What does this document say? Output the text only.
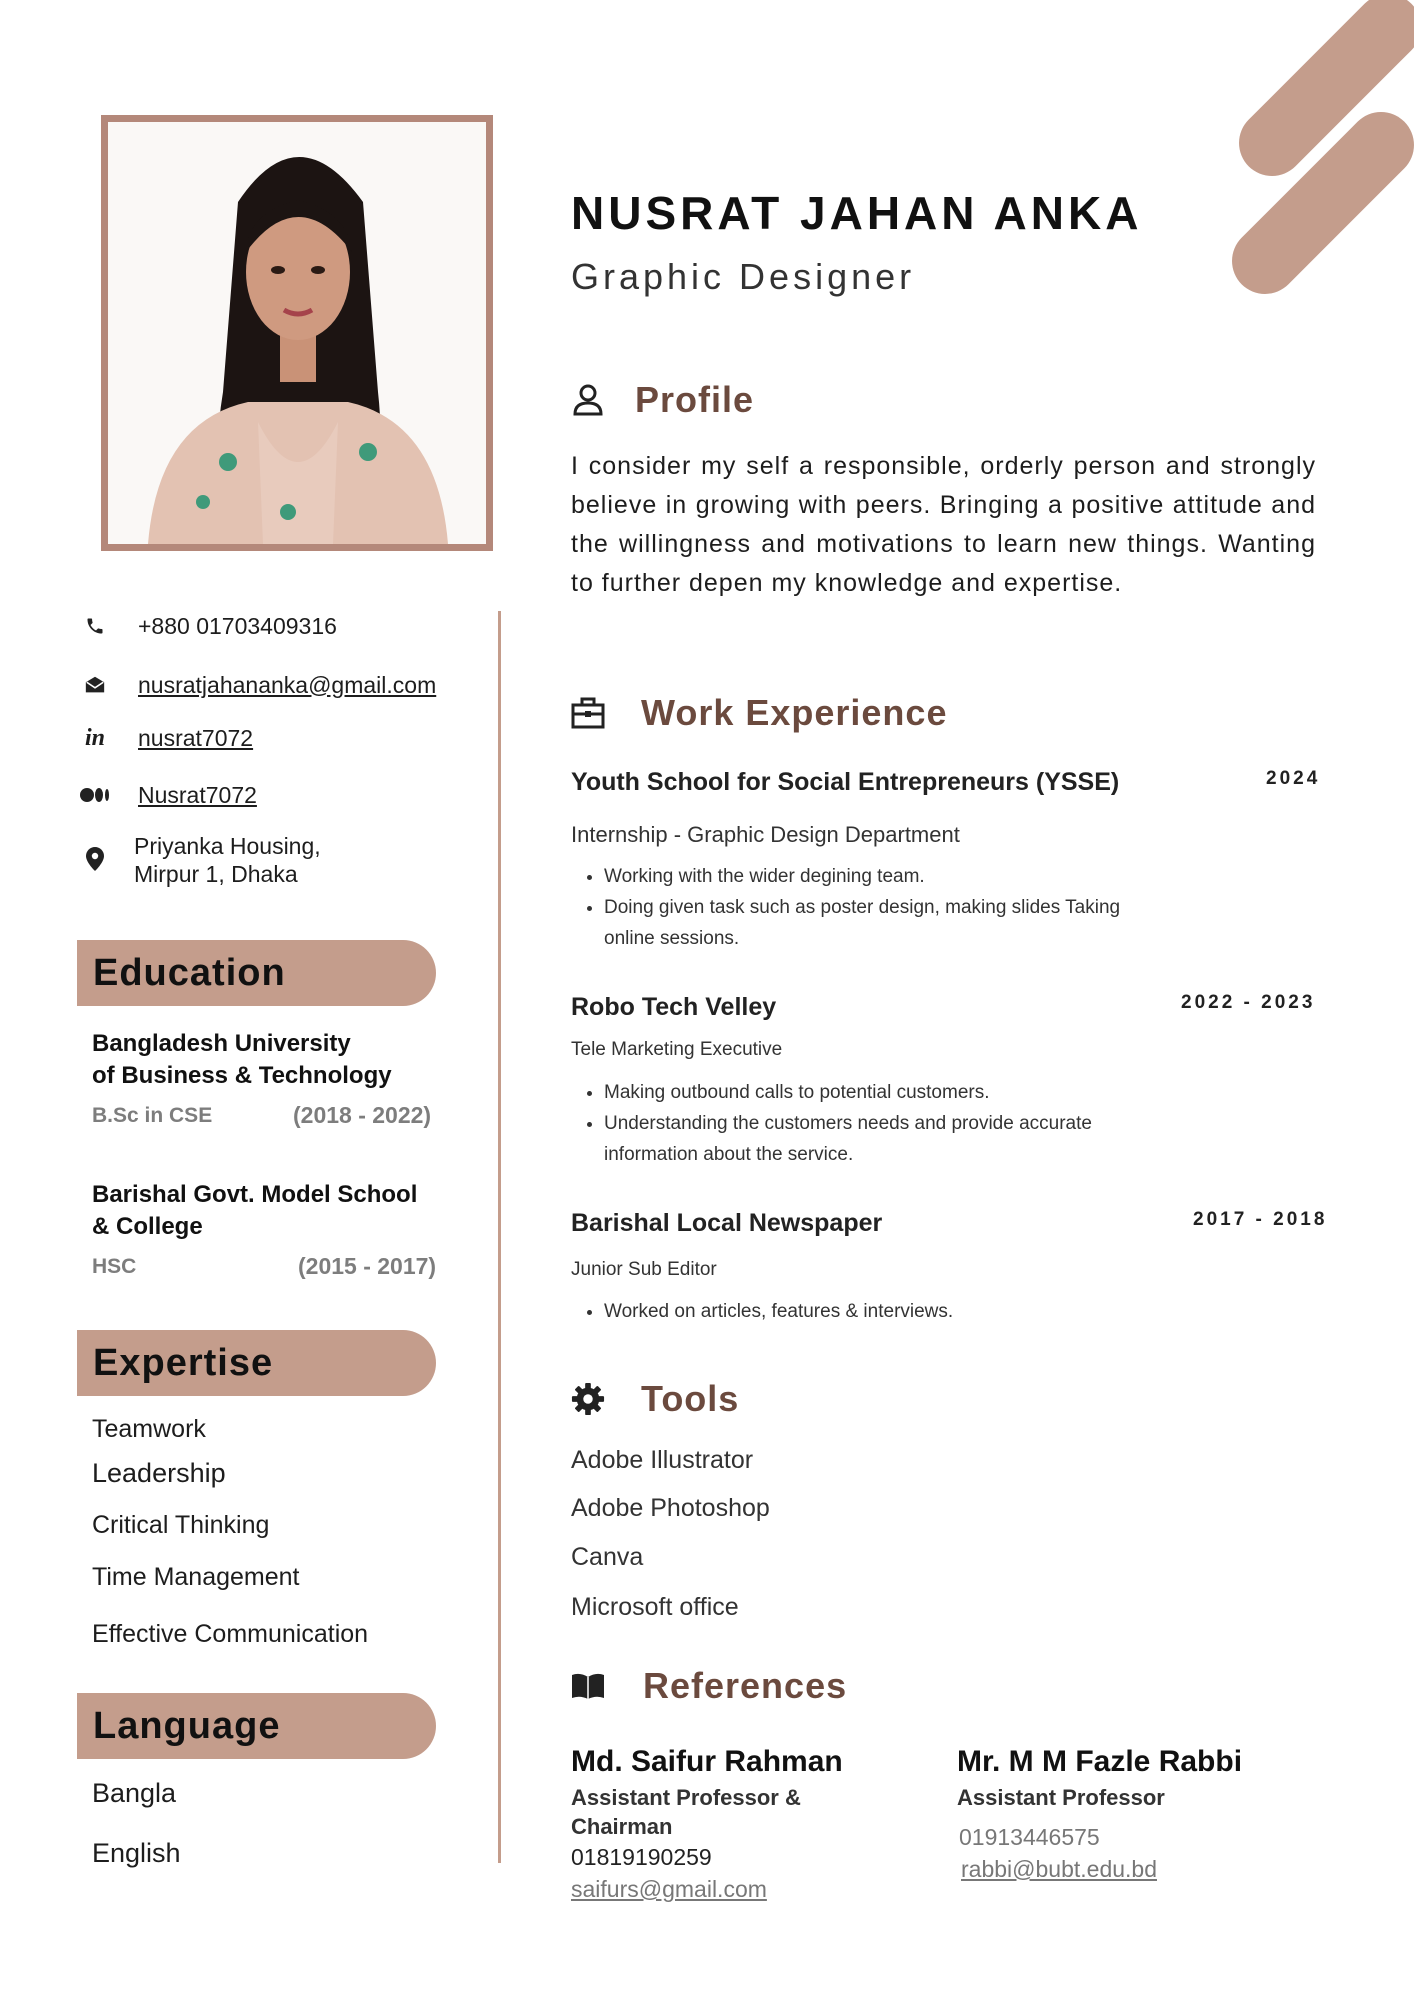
+880 01703409316
nusratjahananka@gmail.com
in nusrat7072
Nusrat7072
Priyanka Housing,
Mirpur 1, Dhaka
Education
Bangladesh University
of Business & Technology
B.Sc in CSE	(2018 - 2022)
Barishal Govt. Model School
& College
HSC	(2015 - 2017)
Expertise
Teamwork
Leadership
Critical Thinking
Time Management
Effective Communication
Language
Bangla
English
NUSRAT JAHAN ANKA
Graphic Designer
Profile
I consider my self a responsible, orderly person and strongly believe in growing with peers. Bringing a positive attitude and the willingness and motivations to learn new things. Wanting to further depen my knowledge and expertise.
Work Experience
Youth School for Social Entrepreneurs (YSSE)	2024
Internship - Graphic Design Department
• Working with the wider degining team.
• Doing given task such as poster design, making slides Taking online sessions.
Robo Tech Velley	2022 - 2023
Tele Marketing Executive
• Making outbound calls to potential customers.
• Understanding the customers needs and provide accurate information about the service.
Barishal Local Newspaper	2017 - 2018
Junior Sub Editor
• Worked on articles, features & interviews.
Tools
Adobe Illustrator
Adobe Photoshop
Canva
Microsoft office
References
Md. Saifur Rahman
Assistant Professor & Chairman
01819190259
saifurs@gmail.com
Mr. M M Fazle Rabbi
Assistant Professor
01913446575
rabbi@bubt.edu.bd
